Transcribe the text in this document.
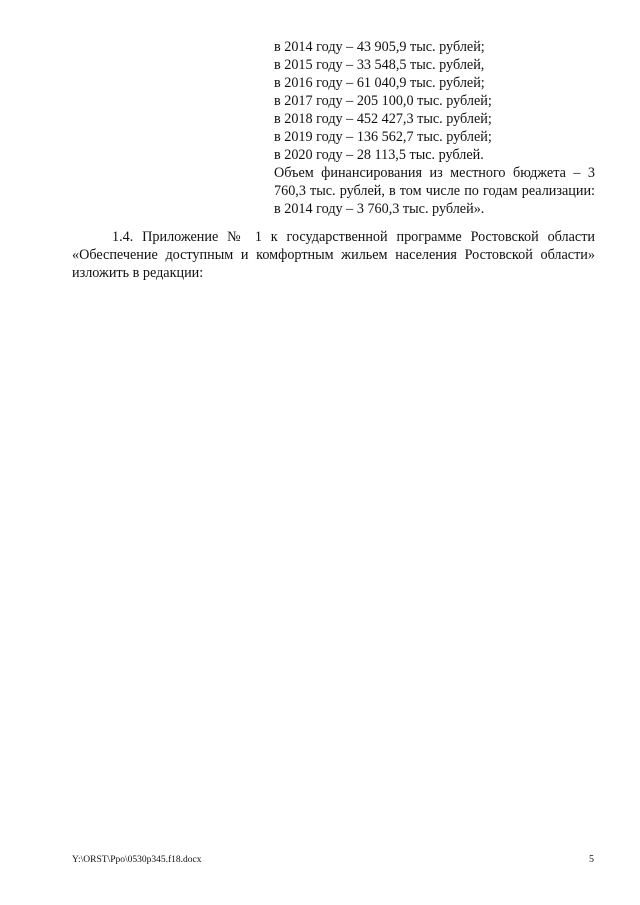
в 2014 году – 43 905,9 тыс. рублей;
в 2015 году – 33 548,5 тыс. рублей,
в 2016 году – 61 040,9 тыс. рублей;
в 2017 году – 205 100,0 тыс. рублей;
в 2018 году – 452 427,3 тыс. рублей;
в 2019 году – 136 562,7 тыс. рублей;
в 2020 году – 28 113,5 тыс. рублей.
Объем финансирования из местного бюджета – 3 760,3 тыс. рублей, в том числе по годам реализации: в 2014 году – 3 760,3 тыс. рублей».
1.4. Приложение № 1 к государственной программе Ростовской области «Обеспечение доступным и комфортным жильем населения Ростовской области» изложить в редакции:
Y:\ORST\Ppo\0530p345.f18.docx	5
